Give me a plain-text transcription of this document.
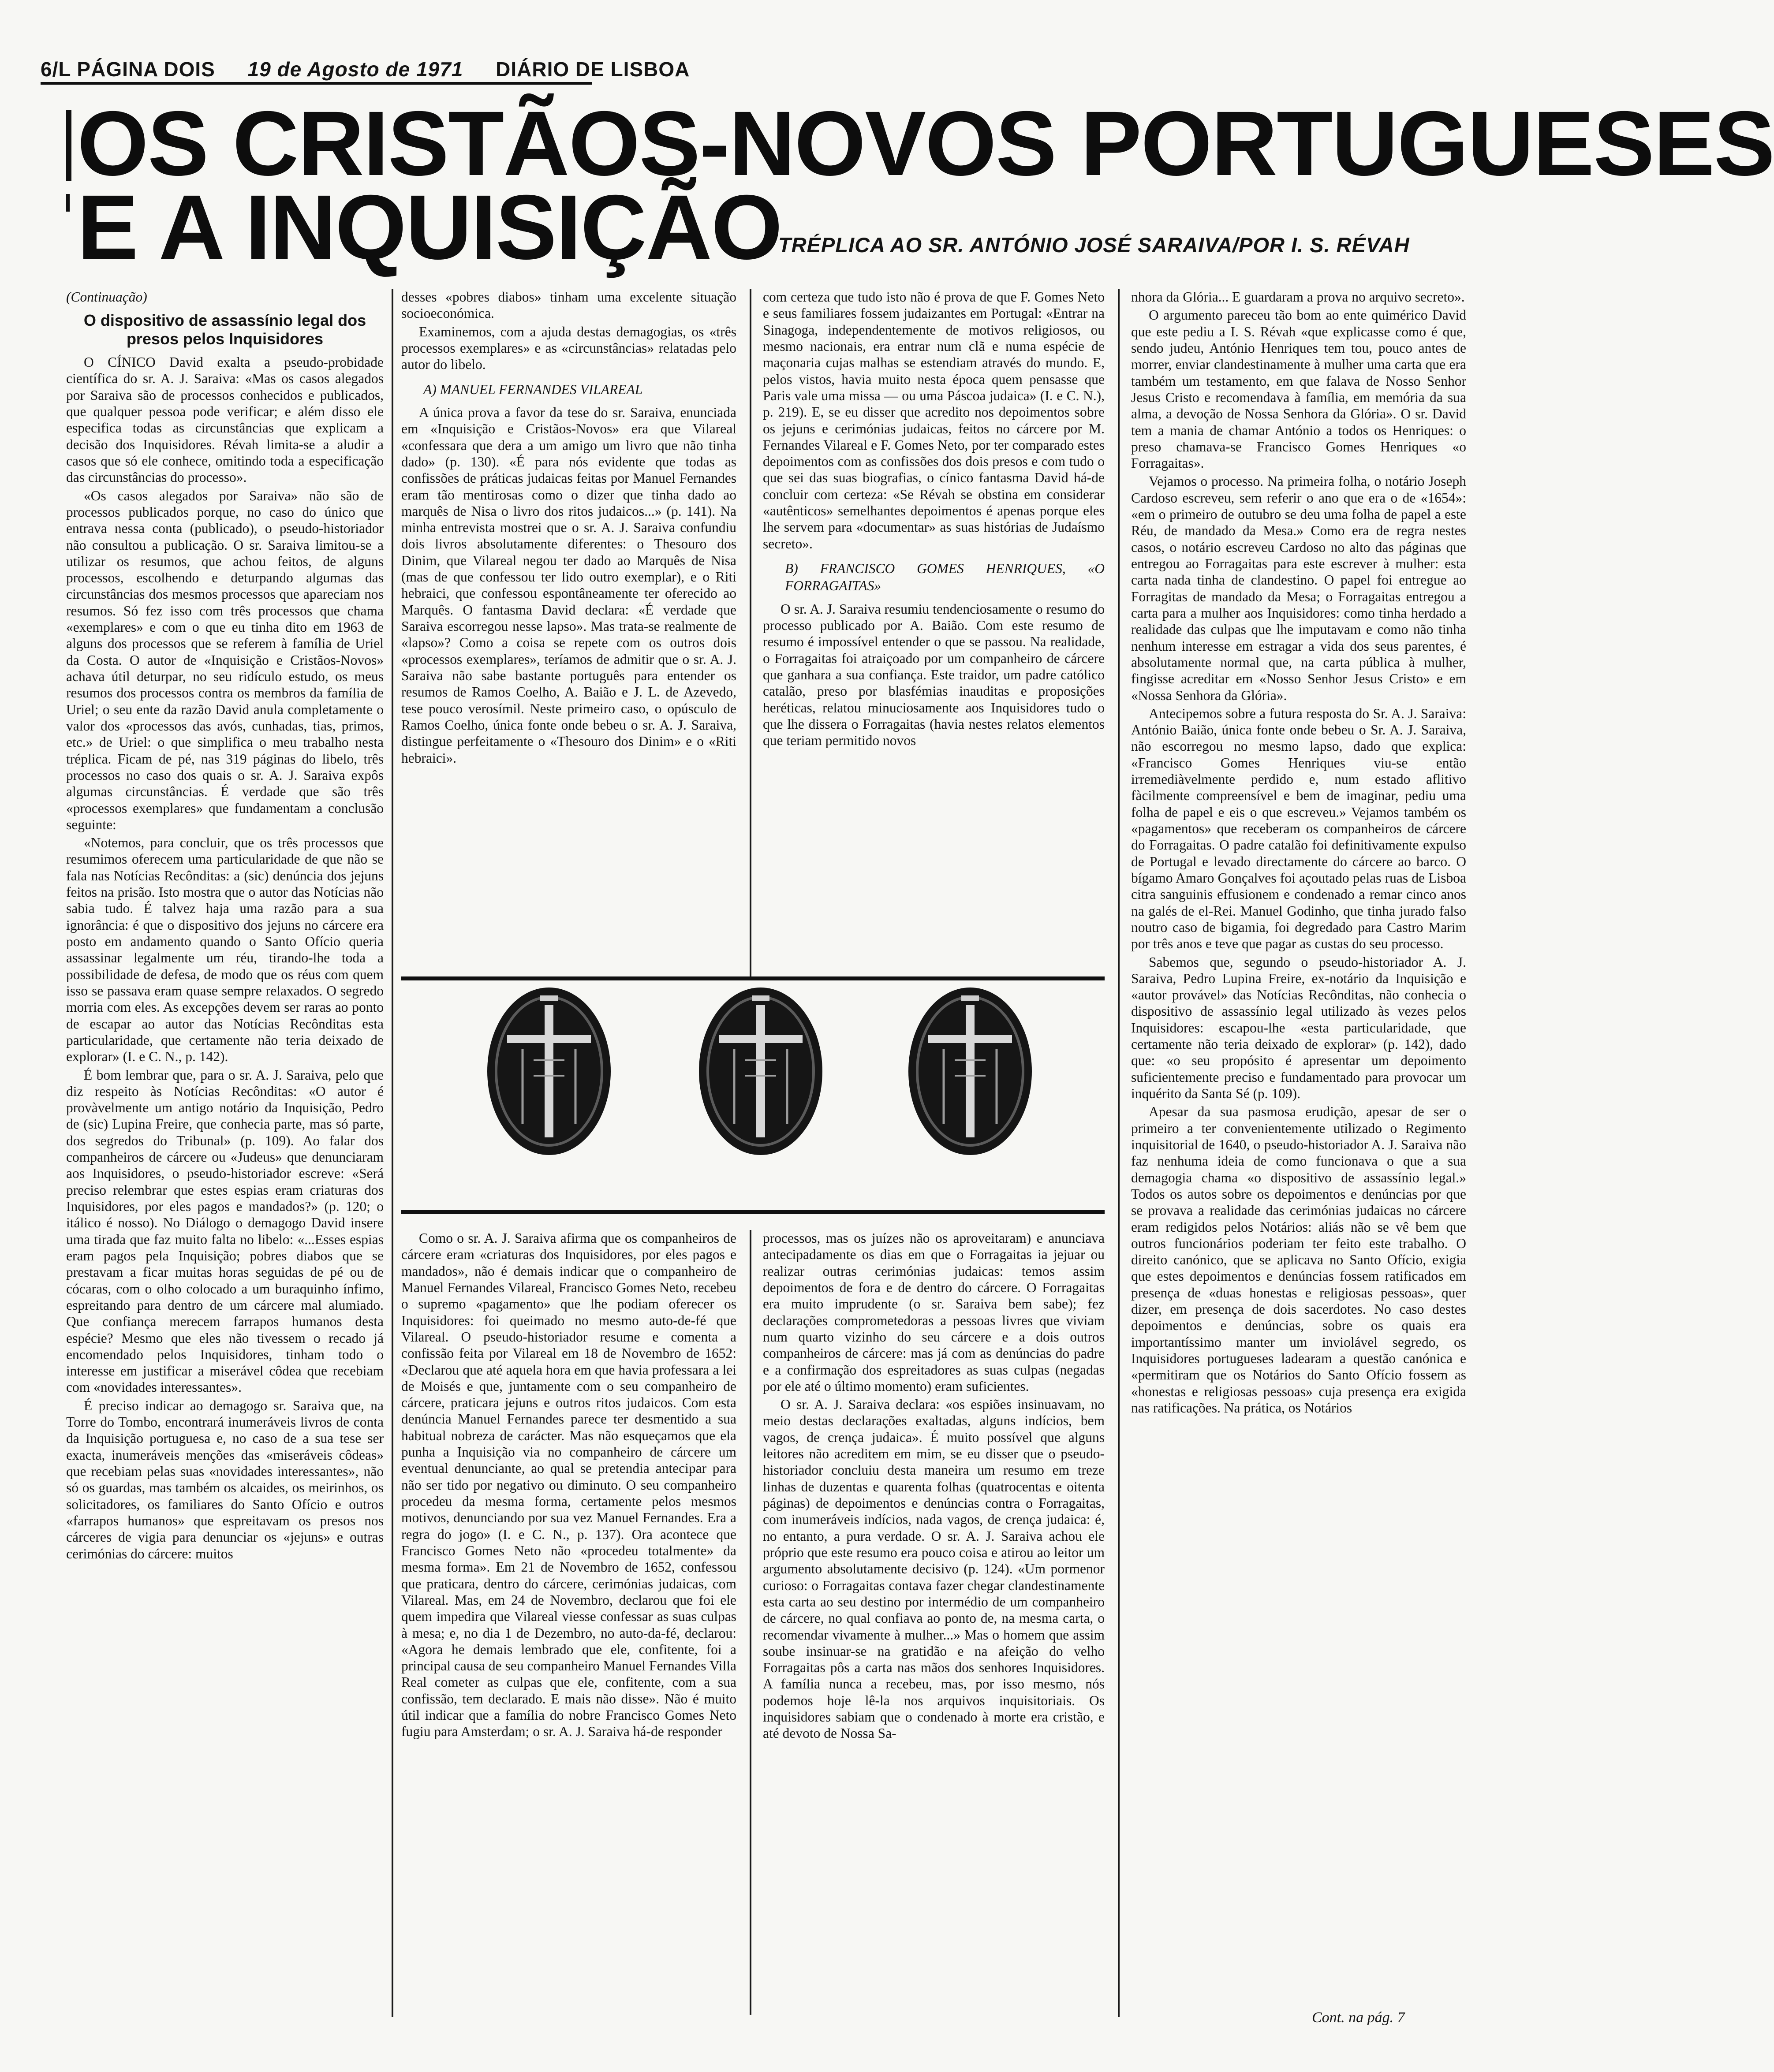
6/L PÁGINA DOIS 19 de Agosto de 1971 DIÁRIO DE LISBOA
OS CRISTÃOS-NOVOS PORTUGUESES
E A INQUISIÇÃO
TRÉPLICA AO SR. ANTÓNIO JOSÉ SARAIVA/POR I. S. RÉVAH

(Continuação)

O dispositivo de assassínio legal dos presos pelos Inquisidores

O CÍNICO David exalta a pseudo-probidade científica do sr. A. J. Saraiva: «Mas os casos alegados por Saraiva são de processos conhecidos e publicados, que qualquer pessoa pode verificar; e além disso ele especifica todas as circunstâncias que explicam a decisão dos Inquisidores. Révah limita-se a aludir a casos que só ele conhece, omitindo toda a especificação das circunstâncias do processo».

«Os casos alegados por Saraiva» não são de processos publicados porque, no caso do único que entrava nessa conta (publicado), o pseudo-historiador não consultou a publicação. O sr. Saraiva limitou-se a utilizar os resumos, que achou feitos, de alguns processos, escolhendo e deturpando algumas das circunstâncias dos mesmos processos que apareciam nos resumos. Só fez isso com três processos que chama «exemplares» e com o que eu tinha dito em 1963 de alguns dos processos que se referem à família de Uriel da Costa. O autor de «Inquisição e Cristãos-Novos» achava útil deturpar, no seu ridículo estudo, os meus resumos dos processos contra os membros da família de Uriel; o seu ente da razão David anula completamente o valor dos «processos das avós, cunhadas, tias, primos, etc.» de Uriel: o que simplifica o meu trabalho nesta tréplica. Ficam de pé, nas 319 páginas do libelo, três processos no caso dos quais o sr. A. J. Saraiva expôs algumas circunstâncias. É verdade que são três «processos exemplares» que fundamentam a conclusão seguinte:

«Notemos, para concluir, que os três processos que resumimos oferecem uma particularidade de que não se fala nas Notícias Recônditas: a (sic) denúncia dos jejuns feitos na prisão. Isto mostra que o autor das Notícias não sabia tudo. É talvez haja uma razão para a sua ignorância: é que o dispositivo dos jejuns no cárcere era posto em andamento quando o Santo Ofício queria assassinar legalmente um réu, tirando-lhe toda a possibilidade de defesa, de modo que os réus com quem isso se passava eram quase sempre relaxados. O segredo morria com eles. As excepções devem ser raras ao ponto de escapar ao autor das Notícias Recônditas esta particularidade, que certamente não teria deixado de explorar» (I. e C. N., p. 142).

É bom lembrar que, para o sr. A. J. Saraiva, pelo que diz respeito às Notícias Recônditas: «O autor é provàvelmente um antigo notário da Inquisição, Pedro de (sic) Lupina Freire, que conhecia parte, mas só parte, dos segredos do Tribunal» (p. 109). Ao falar dos companheiros de cárcere ou «Judeus» que denunciaram aos Inquisidores, o pseudo-historiador escreve: «Será preciso relembrar que estes espias eram criaturas dos Inquisidores, por eles pagos e mandados?» (p. 120; o itálico é nosso). No Diálogo o demagogo David insere uma tirada que faz muito falta no libelo: «...Esses espias eram pagos pela Inquisição; pobres diabos que se prestavam a ficar muitas horas seguidas de pé ou de cócaras, com o olho colocado a um buraquinho ínfimo, espreitando para dentro de um cárcere mal alumiado. Que confiança merecem farrapos humanos desta espécie? Mesmo que eles não tivessem o recado já encomendado pelos Inquisidores, tinham todo o interesse em justificar a miserável côdea que recebiam com «novidades interessantes».

É preciso indicar ao demagogo sr. Saraiva que, na Torre do Tombo, encontrará inumeráveis livros de conta da Inquisição portuguesa e, no caso de a sua tese ser exacta, inumeráveis menções das «miseráveis côdeas» que recebiam pelas suas «novidades interessantes», não só os guardas, mas também os alcaides, os meirinhos, os solicitadores, os familiares do Santo Ofício e outros «farrapos humanos» que espreitavam os presos nos cárceres de vigia para denunciar os «jejuns» e outras cerimónias do cárcere: muitos

desses «pobres diabos» tinham uma excelente situação socioeconómica.

Examinemos, com a ajuda destas demagogias, os «três processos exemplares» e as «circunstâncias» relatadas pelo autor do libelo.

A) MANUEL FERNANDES VILAREAL

A única prova a favor da tese do sr. Saraiva, enunciada em «Inquisição e Cristãos-Novos» era que Vilareal «confessara que dera a um amigo um livro que não tinha dado» (p. 130). «É para nós evidente que todas as confissões de práticas judaicas feitas por Manuel Fernandes eram tão mentirosas como o dizer que tinha dado ao marquês de Nisa o livro dos ritos judaicos...» (p. 141). Na minha entrevista mostrei que o sr. A. J. Saraiva confundiu dois livros absolutamente diferentes: o Thesouro dos Dinim, que Vilareal negou ter dado ao Marquês de Nisa (mas de que confessou ter lido outro exemplar), e o Riti hebraici, que confessou espontâneamente ter oferecido ao Marquês. O fantasma David declara: «É verdade que Saraiva escorregou nesse lapso». Mas trata-se realmente de «lapso»? Como a coisa se repete com os outros dois «processos exemplares», teríamos de admitir que o sr. A. J. Saraiva não sabe bastante português para entender os resumos de Ramos Coelho, A. Baião e J. L. de Azevedo, tese pouco verosímil. Neste primeiro caso, o opúsculo de Ramos Coelho, única fonte onde bebeu o sr. A. J. Saraiva, distingue perfeitamente o «Thesouro dos Dinim» e o «Riti hebraici».

com certeza que tudo isto não é prova de que F. Gomes Neto e seus familiares fossem judaizantes em Portugal: «Entrar na Sinagoga, independentemente de motivos religiosos, ou mesmo nacionais, era entrar num clã e numa espécie de maçonaria cujas malhas se estendiam através do mundo. E, pelos vistos, havia muito nesta época quem pensasse que Paris vale uma missa — ou uma Páscoa judaica» (I. e C. N.), p. 219). E, se eu disser que acredito nos depoimentos sobre os jejuns e cerimónias judaicas, feitos no cárcere por M. Fernandes Vilareal e F. Gomes Neto, por ter comparado estes depoimentos com as confissões dos dois presos e com tudo o que sei das suas biografias, o cínico fantasma David há-de concluir com certeza: «Se Révah se obstina em considerar «autênticos» semelhantes depoimentos é apenas porque eles lhe servem para «documentar» as suas histórias de Judaísmo secreto».

B) FRANCISCO GOMES HENRIQUES, «O FORRAGAITAS»

O sr. A. J. Saraiva resumiu tendenciosamente o resumo do processo publicado por A. Baião. Com este resumo de resumo é impossível entender o que se passou. Na realidade, o Forragaitas foi atraiçoado por um companheiro de cárcere que ganhara a sua confiança. Este traidor, um padre católico catalão, preso por blasfémias inauditas e proposições heréticas, relatou minuciosamente aos Inquisidores tudo o que lhe dissera o Forragaitas (havia nestes relatos elementos que teriam permitido novos

Como o sr. A. J. Saraiva afirma que os companheiros de cárcere eram «criaturas dos Inquisidores, por eles pagos e mandados», não é demais indicar que o companheiro de Manuel Fernandes Vilareal, Francisco Gomes Neto, recebeu o supremo «pagamento» que lhe podiam oferecer os Inquisidores: foi queimado no mesmo auto-de-fé que Vilareal. O pseudo-historiador resume e comenta a confissão feita por Vilareal em 18 de Novembro de 1652: «Declarou que até aquela hora em que havia professara a lei de Moisés e que, juntamente com o seu companheiro de cárcere, praticara jejuns e outros ritos judaicos. Com esta denúncia Manuel Fernandes parece ter desmentido a sua habitual nobreza de carácter. Mas não esqueçamos que ela punha a Inquisição via no companheiro de cárcere um eventual denunciante, ao qual se pretendia antecipar para não ser tido por negativo ou diminuto. O seu companheiro procedeu da mesma forma, certamente pelos mesmos motivos, denunciando por sua vez Manuel Fernandes. Era a regra do jogo» (I. e C. N., p. 137). Ora acontece que Francisco Gomes Neto não «procedeu totalmente» da mesma forma». Em 21 de Novembro de 1652, confessou que praticara, dentro do cárcere, cerimónias judaicas, com Vilareal. Mas, em 24 de Novembro, declarou que foi ele quem impedira que Vilareal viesse confessar as suas culpas à mesa; e, no dia 1 de Dezembro, no auto-da-fé, declarou: «Agora he demais lembrado que ele, confitente, foi a principal causa de seu companheiro Manuel Fernandes Villa Real cometer as culpas que ele, confitente, com a sua confissão, tem declarado. E mais não disse». Não é muito útil indicar que a família do nobre Francisco Gomes Neto fugiu para Amsterdam; o sr. A. J. Saraiva há-de responder

processos, mas os juízes não os aproveitaram) e anunciava antecipadamente os dias em que o Forragaitas ia jejuar ou realizar outras cerimónias judaicas: temos assim depoimentos de fora e de dentro do cárcere. O Forragaitas era muito imprudente (o sr. Saraiva bem sabe); fez declarações comprometedoras a pessoas livres que viviam num quarto vizinho do seu cárcere e a dois outros companheiros de cárcere: mas já com as denúncias do padre e a confirmação dos espreitadores as suas culpas (negadas por ele até o último momento) eram suficientes.

O sr. A. J. Saraiva declara: «os espiões insinuavam, no meio destas declarações exaltadas, alguns indícios, bem vagos, de crença judaica». É muito possível que alguns leitores não acreditem em mim, se eu disser que o pseudo-historiador concluiu desta maneira um resumo em treze linhas de duzentas e quarenta folhas (quatrocentas e oitenta páginas) de depoimentos e denúncias contra o Forragaitas, com inumeráveis indícios, nada vagos, de crença judaica: é, no entanto, a pura verdade. O sr. A. J. Saraiva achou ele próprio que este resumo era pouco coisa e atirou ao leitor um argumento absolutamente decisivo (p. 124). «Um pormenor curioso: o Forragaitas contava fazer chegar clandestinamente esta carta ao seu destino por intermédio de um companheiro de cárcere, no qual confiava ao ponto de, na mesma carta, o recomendar vivamente à mulher...» Mas o homem que assim soube insinuar-se na gratidão e na afeição do velho Forragaitas pôs a carta nas mãos dos senhores Inquisidores. A família nunca a recebeu, mas, por isso mesmo, nós podemos hoje lê-la nos arquivos inquisitoriais. Os inquisidores sabiam que o condenado à morte era cristão, e até devoto de Nossa Sa-

nhora da Glória... E guardaram a prova no arquivo secreto».

O argumento pareceu tão bom ao ente quimérico David que este pediu a I. S. Révah «que explicasse como é que, sendo judeu, António Henriques tem tou, pouco antes de morrer, enviar clandestinamente à mulher uma carta que era também um testamento, em que falava de Nosso Senhor Jesus Cristo e recomendava à família, em memória da sua alma, a devoção de Nossa Senhora da Glória». O sr. David tem a mania de chamar António a todos os Henriques: o preso chamava-se Francisco Gomes Henriques «o Forragaitas».

Vejamos o processo. Na primeira folha, o notário Joseph Cardoso escreveu, sem referir o ano que era o de «1654»: «em o primeiro de outubro se deu uma folha de papel a este Réu, de mandado da Mesa.» Como era de regra nestes casos, o notário escreveu Cardoso no alto das páginas que entregou ao Forragaitas para este escrever à mulher: esta carta nada tinha de clandestino. O papel foi entregue ao Forragitas de mandado da Mesa; o Forragaitas entregou a carta para a mulher aos Inquisidores: como tinha herdado a realidade das culpas que lhe imputavam e como não tinha nenhum interesse em estragar a vida dos seus parentes, é absolutamente normal que, na carta pública à mulher, fingisse acreditar em «Nosso Senhor Jesus Cristo» e em «Nossa Senhora da Glória».

Antecipemos sobre a futura resposta do Sr. A. J. Saraiva: António Baião, única fonte onde bebeu o Sr. A. J. Saraiva, não escorregou no mesmo lapso, dado que explica: «Francisco Gomes Henriques viu-se então irremediàvelmente perdido e, num estado aflitivo fàcilmente compreensível e bem de imaginar, pediu uma folha de papel e eis o que escreveu.» Vejamos também os «pagamentos» que receberam os companheiros de cárcere do Forragaitas. O padre catalão foi definitivamente expulso de Portugal e levado directamente do cárcere ao barco. O bígamo Amaro Gonçalves foi açoutado pelas ruas de Lisboa citra sanguinis effusionem e condenado a remar cinco anos na galés de el-Rei. Manuel Godinho, que tinha jurado falso noutro caso de bigamia, foi degredado para Castro Marim por três anos e teve que pagar as custas do seu processo.

Sabemos que, segundo o pseudo-historiador A. J. Saraiva, Pedro Lupina Freire, ex-notário da Inquisição e «autor provável» das Notícias Recônditas, não conhecia o dispositivo de assassínio legal utilizado às vezes pelos Inquisidores: escapou-lhe «esta particularidade, que certamente não teria deixado de explorar» (p. 142), dado que: «o seu propósito é apresentar um depoimento suficientemente preciso e fundamentado para provocar um inquérito da Santa Sé (p. 109).

Apesar da sua pasmosa erudição, apesar de ser o primeiro a ter convenientemente utilizado o Regimento inquisitorial de 1640, o pseudo-historiador A. J. Saraiva não faz nenhuma ideia de como funcionava o que a sua demagogia chama «o dispositivo de assassínio legal.» Todos os autos sobre os depoimentos e denúncias por que se provava a realidade das cerimónias judaicas no cárcere eram redigidos pelos Notários: aliás não se vê bem que outros funcionários poderiam ter feito este trabalho. O direito canónico, que se aplicava no Santo Ofício, exigia que estes depoimentos e denúncias fossem ratificados em presença de «duas honestas e religiosas pessoas», quer dizer, em presença de dois sacerdotes. No caso destes depoimentos e denúncias, sobre os quais era importantíssimo manter um inviolável segredo, os Inquisidores portugueses ladearam a questão canónica e «permitiram que os Notários do Santo Ofício fossem as «honestas e religiosas pessoas» cuja presença era exigida nas ratificações. Na prática, os Notários

Cont. na pág. 7
